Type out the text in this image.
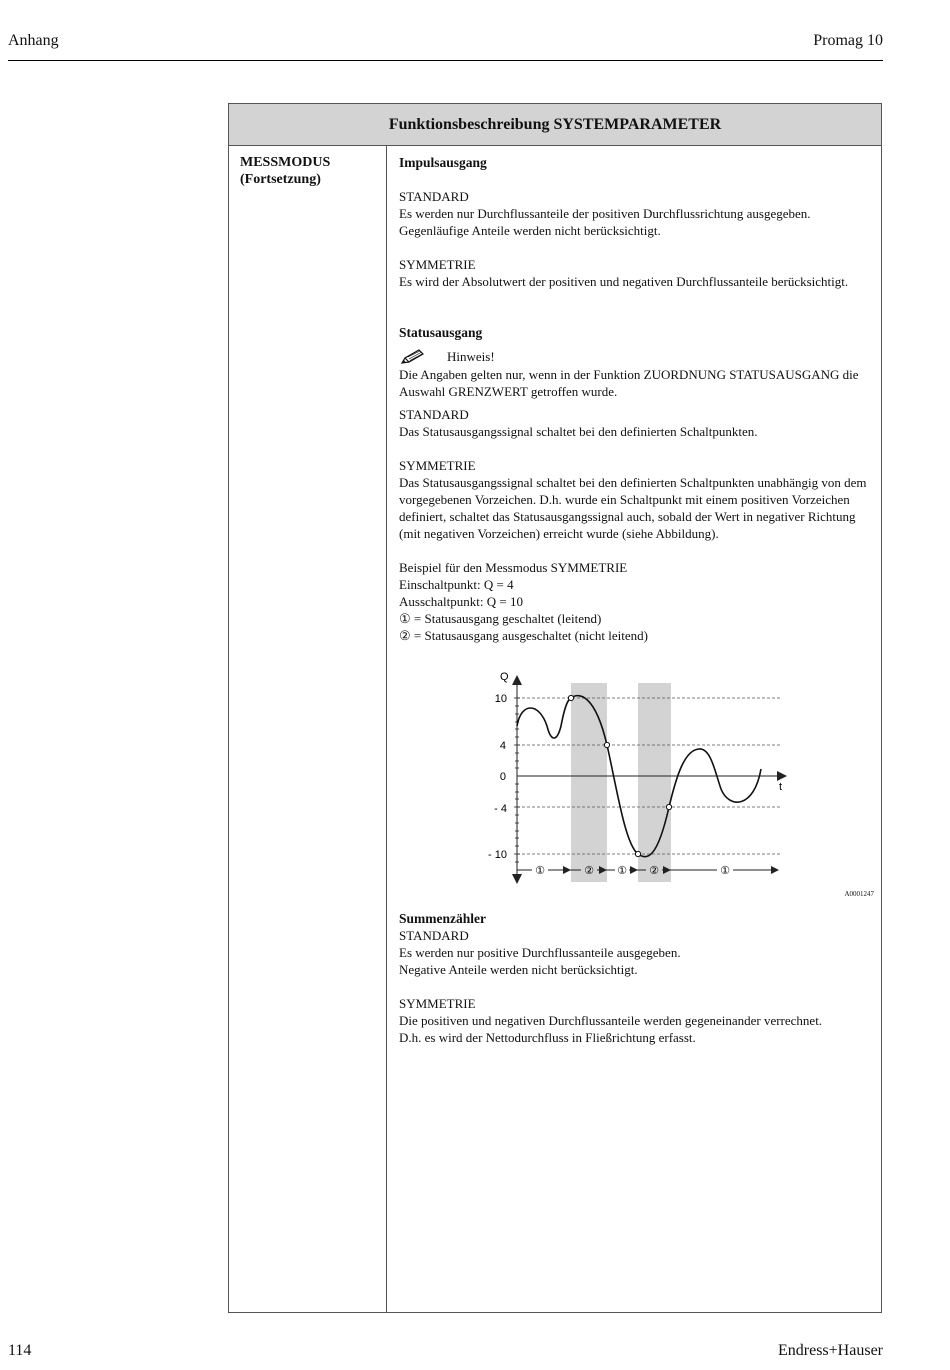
Anhang	Promag 10
Funktionsbeschreibung SYSTEMPARAMETER
MESSMODUS
(Fortsetzung)
Impulsausgang
STANDARD
Es werden nur Durchflussanteile der positiven Durchflussrichtung ausgegeben.
Gegenläufige Anteile werden nicht berücksichtigt.
SYMMETRIE
Es wird der Absolutwert der positiven und negativen Durchflussanteile berücksichtigt.
Statusausgang
Hinweis!
Die Angaben gelten nur, wenn in der Funktion ZUORDNUNG STATUSAUSGANG die
Auswahl GRENZWERT getroffen wurde.
STANDARD
Das Statusausgangssignal schaltet bei den definierten Schaltpunkten.
SYMMETRIE
Das Statusausgangssignal schaltet bei den definierten Schaltpunkten unabhängig von dem
vorgegebenen Vorzeichen. D.h. wurde ein Schaltpunkt mit einem positiven Vorzeichen
definiert, schaltet das Statusausgangssignal auch, sobald der Wert in negativer Richtung
(mit negativen Vorzeichen) erreicht wurde (siehe Abbildung).
Beispiel für den Messmodus SYMMETRIE
Einschaltpunkt: Q = 4
Ausschaltpunkt: Q = 10
① = Statusausgang geschaltet (leitend)
② = Statusausgang ausgeschaltet (nicht leitend)
Q
t
10
4
0
- 4
- 10
①	② ① ②	①
A0001247
Summenzähler
STANDARD
Es werden nur positive Durchflussanteile ausgegeben.
Negative Anteile werden nicht berücksichtigt.
SYMMETRIE
Die positiven und negativen Durchflussanteile werden gegeneinander verrechnet.
D.h. es wird der Nettodurchfluss in Fließrichtung erfasst.
114	Endress+Hauser
